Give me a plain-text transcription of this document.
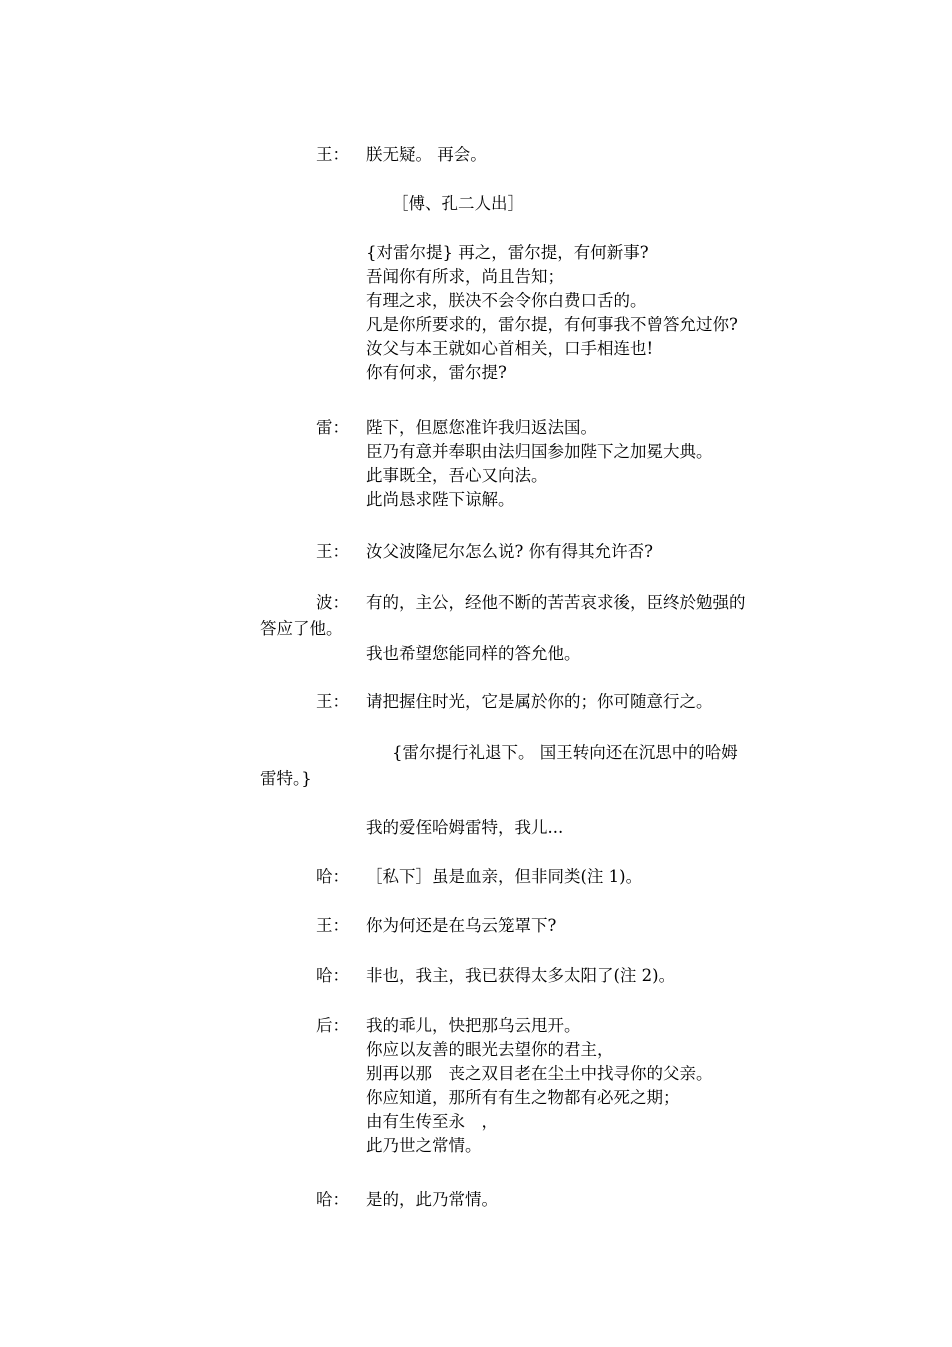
王： 朕无疑。 再会。
［傅、孔二人出］
{对雷尔提} 再之，雷尔提，有何新事?
吾闻你有所求，尚且告知；
有理之求，朕决不会令你白费口舌的。
凡是你所要求的，雷尔提，有何事我不曾答允过你?
汝父与本王就如心首相关，口手相连也!
你有何求，雷尔提?
雷： 陛下，但愿您准许我归返法国。
臣乃有意并奉职由法归国参加陛下之加冕大典。
此事既全，吾心又向法。
此尚恳求陛下谅解。
王： 汝父波隆尼尔怎么说? 你有得其允许否?
波： 有的，主公，经他不断的苦苦哀求後，臣终於勉强的
答应了他。
我也希望您能同样的答允他。
王： 请把握住时光，它是属於你的；你可随意行之。
{雷尔提行礼退下。 国王转向还在沉思中的哈姆
雷特。}
我的爱侄哈姆雷特，我儿...
哈： ［私下］虽是血亲，但非同类(注 1)。
王： 你为何还是在乌云笼罩下?
哈： 非也，我主，我已获得太多太阳了(注 2)。
后： 我的乖儿，快把那乌云甩开。
你应以友善的眼光去望你的君主，
别再以那　丧之双目老在尘土中找寻你的父亲。
你应知道，那所有有生之物都有必死之期；
由有生传至永　，
此乃世之常情。
哈： 是的，此乃常情。
